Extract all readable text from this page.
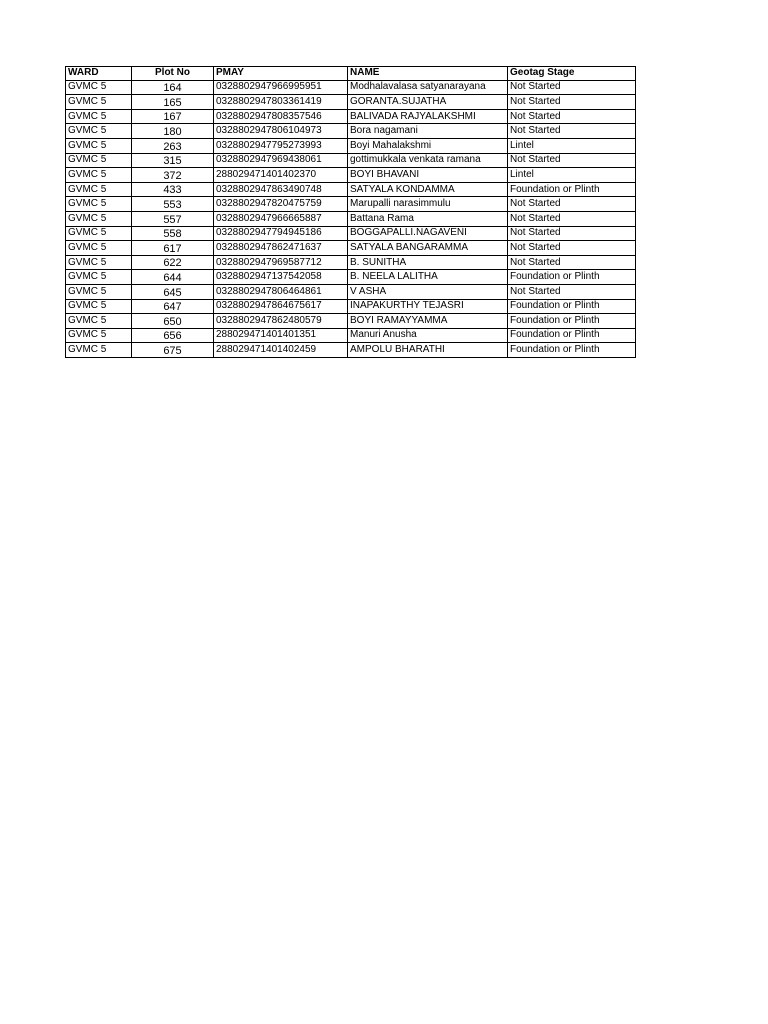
WARD	Plot No	PMAY	NAME	Geotag Stage
GVMC 5	164	0328802947966995951	Modhalavalasa satyanarayana	Not Started
GVMC 5	165	0328802947803361419	GORANTA.SUJATHA	Not Started
GVMC 5	167	0328802947808357546	BALIVADA RAJYALAKSHMI	Not Started
GVMC 5	180	0328802947806104973	Bora nagamani	Not Started
GVMC 5	263	0328802947795273993	Boyi Mahalakshmi	Lintel
GVMC 5	315	0328802947969438061	gottimukkala venkata ramana	Not Started
GVMC 5	372	288029471401402370	BOYI BHAVANI	Lintel
GVMC 5	433	0328802947863490748	SATYALA KONDAMMA	Foundation or Plinth
GVMC 5	553	0328802947820475759	Marupalli narasimmulu	Not Started
GVMC 5	557	0328802947966665887	Battana Rama	Not Started
GVMC 5	558	0328802947794945186	BOGGAPALLI.NAGAVENI	Not Started
GVMC 5	617	0328802947862471637	SATYALA BANGARAMMA	Not Started
GVMC 5	622	0328802947969587712	B. SUNITHA	Not Started
GVMC 5	644	0328802947137542058	B. NEELA LALITHA	Foundation or Plinth
GVMC 5	645	0328802947806464861	V ASHA	Not Started
GVMC 5	647	0328802947864675617	INAPAKURTHY TEJASRI	Foundation or Plinth
GVMC 5	650	0328802947862480579	BOYI RAMAYYAMMA	Foundation or Plinth
GVMC 5	656	288029471401401351	Manuri Anusha	Foundation or Plinth
GVMC 5	675	288029471401402459	AMPOLU BHARATHI	Foundation or Plinth
